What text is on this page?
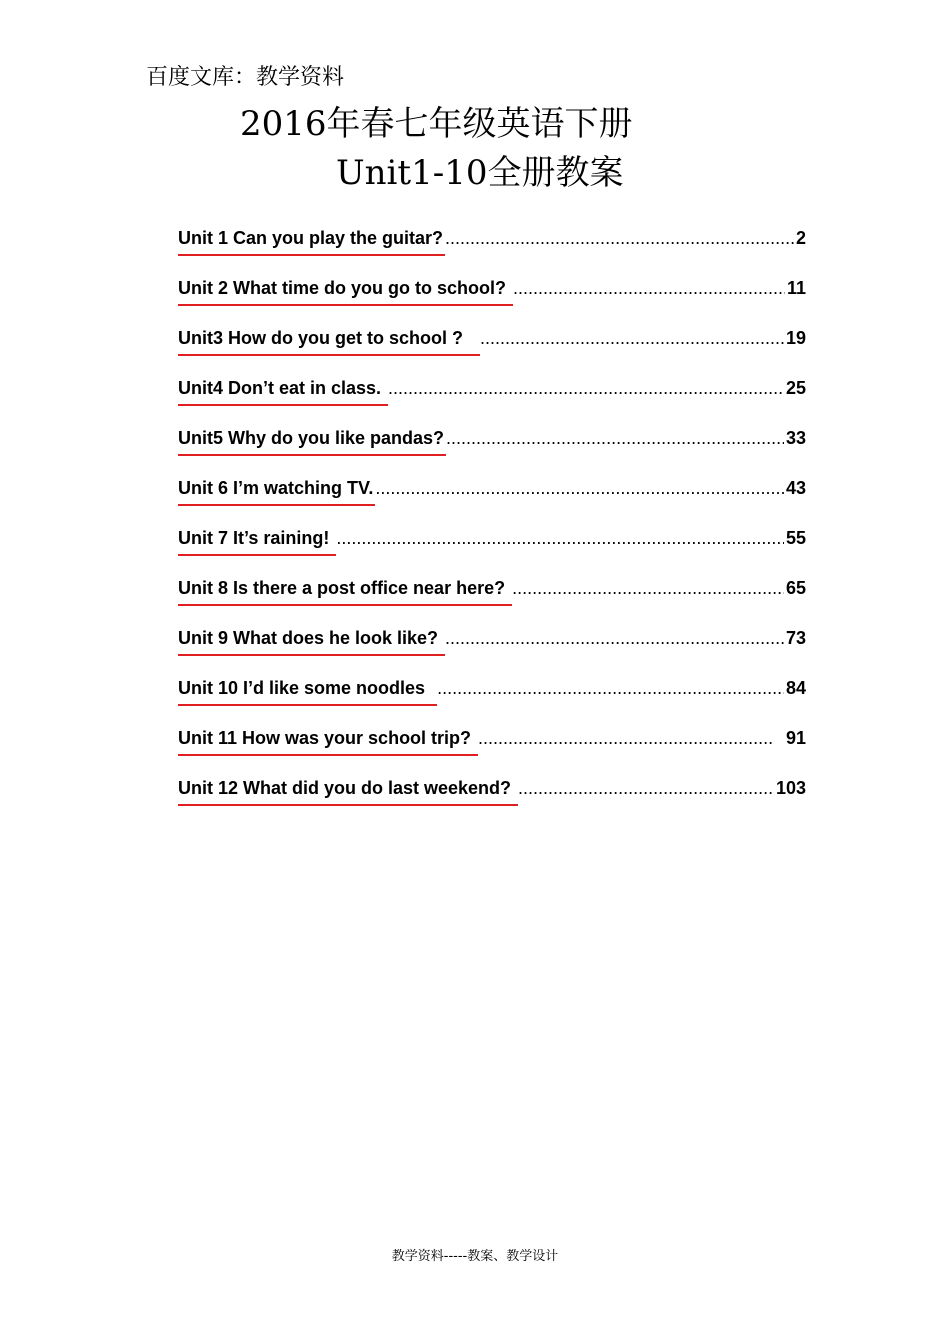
百度文库：教学资料
2016年春七年级英语下册
Unit1-10全册教案
Unit 1 Can you play the guitar? .....	2
Unit 2 What time do you go to school? .....	11
Unit3 How do you get to school ? .....	19
Unit4 Don’t eat in class. .....	25
Unit5 Why do you like pandas? .....	33
Unit 6 I’m watching TV. .....	43
Unit 7 It’s raining! .....	55
Unit 8 Is there a post office near here? .....	65
Unit 9 What does he look like? .....	73
Unit 10 I’d like some noodles .....	84
Unit 11 How was your school trip? .....	91
Unit 12 What did you do last weekend? .....	103
教学资料-----教案、教学设计
